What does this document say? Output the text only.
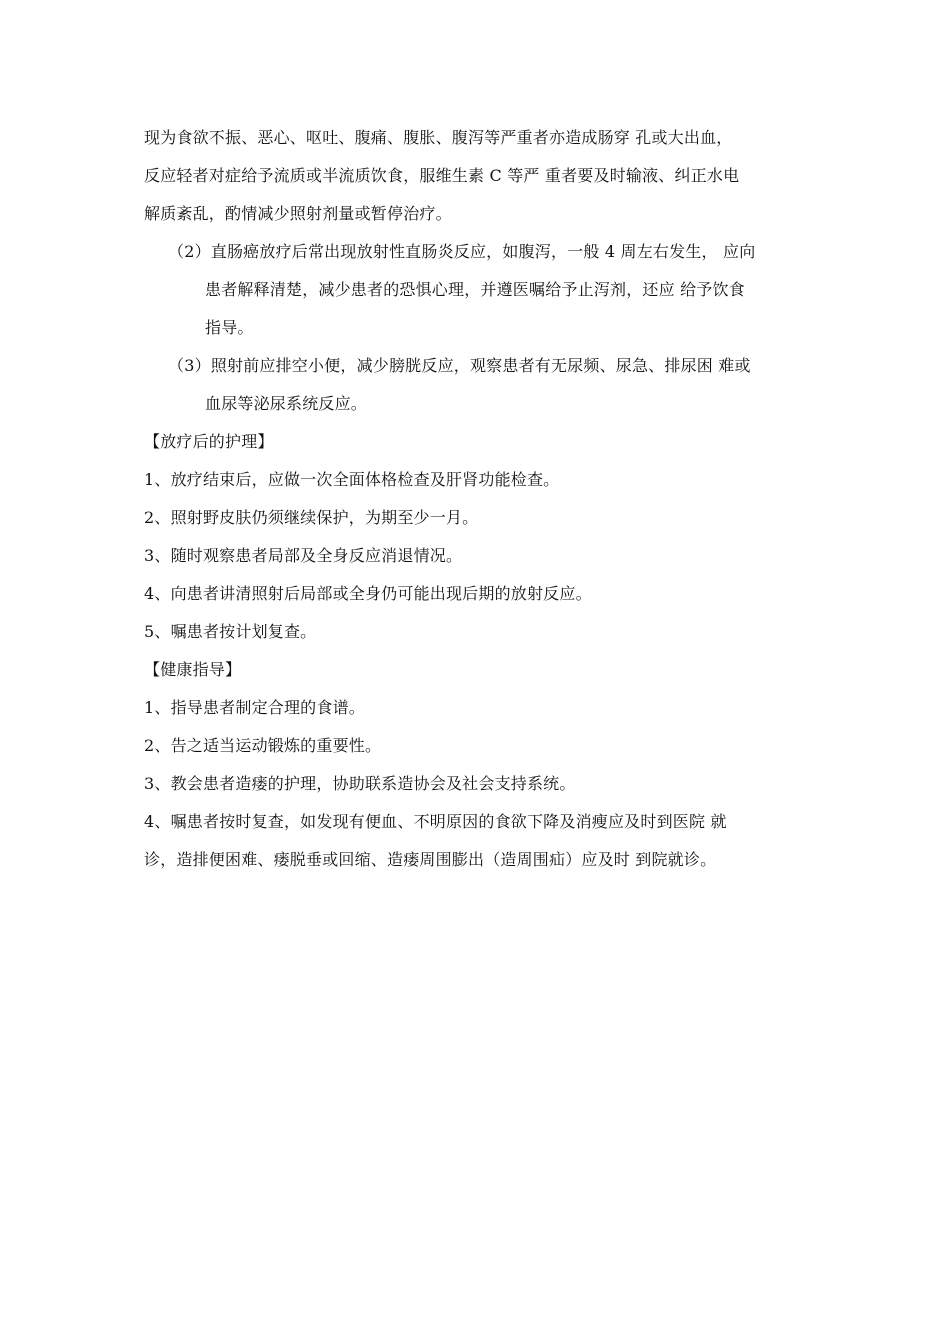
现为食欲不振、恶心、呕吐、腹痛、腹胀、腹泻等严重者亦造成肠穿 孔或大出血，
反应轻者对症给予流质或半流质饮食，服维生素 C 等严 重者要及时输液、纠正水电
解质紊乱，酌情减少照射剂量或暂停治疗。
（2）直肠癌放疗后常出现放射性直肠炎反应，如腹泻，一般 4 周左右发生， 应向
患者解释清楚，减少患者的恐惧心理，并遵医嘱给予止泻剂，还应 给予饮食
指导。
（3）照射前应排空小便，减少膀胱反应，观察患者有无尿频、尿急、排尿困 难或
血尿等泌尿系统反应。
【放疗后的护理】
1、放疗结束后，应做一次全面体格检查及肝肾功能检查。
2、照射野皮肤仍须继续保护，为期至少一月。
3、随时观察患者局部及全身反应消退情况。
4、向患者讲清照射后局部或全身仍可能出现后期的放射反应。
5、嘱患者按计划复查。
【健康指导】
1、指导患者制定合理的食谱。
2、告之适当运动锻炼的重要性。
3、教会患者造瘘的护理，协助联系造协会及社会支持系统。
4、嘱患者按时复查，如发现有便血、不明原因的食欲下降及消瘦应及时到医院 就
诊，造排便困难、瘘脱垂或回缩、造瘘周围膨出（造周围疝）应及时 到院就诊。
